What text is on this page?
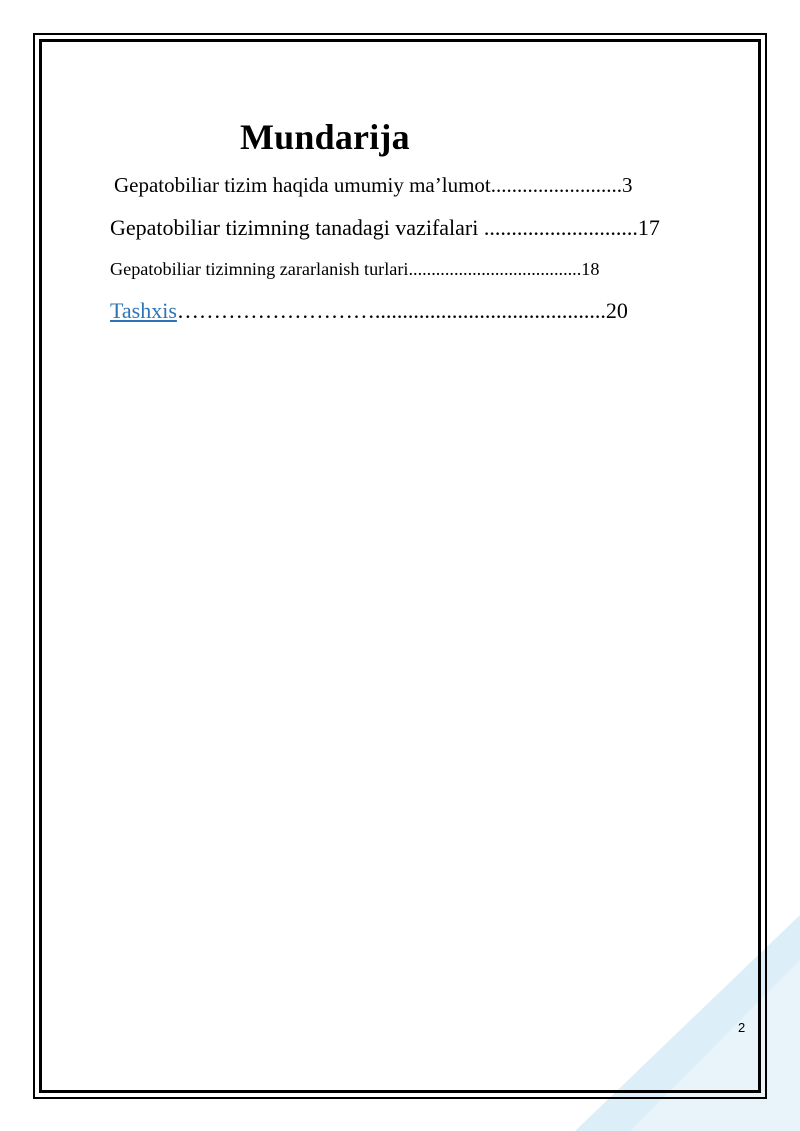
Mundarija
Gepatobiliar tizim haqida umumiy ma’lumot.........................3
Gepatobiliar tizimning tanadagi vazifalari ............................17
Gepatobiliar tizimning zararlanish turlari......................................18
Tashxis………………………..........................................20
2
